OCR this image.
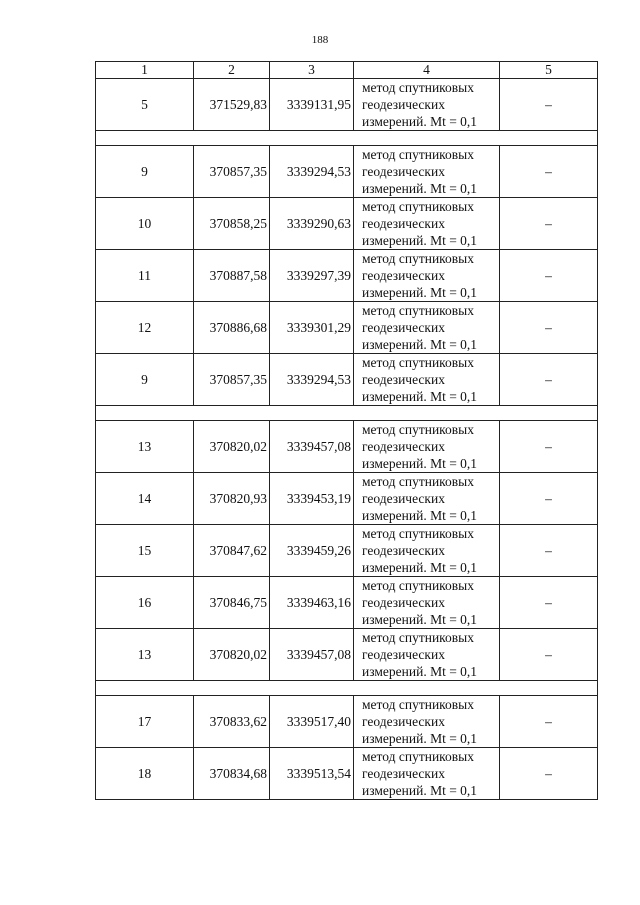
188
1	2	3	4	5
5	371529,83	3339131,95	метод спутниковых
геодезических
измерений. Mt = 0,1	–

9	370857,35	3339294,53	метод спутниковых
геодезических
измерений. Mt = 0,1	–
10	370858,25	3339290,63	метод спутниковых
геодезических
измерений. Mt = 0,1	–
11	370887,58	3339297,39	метод спутниковых
геодезических
измерений. Mt = 0,1	–
12	370886,68	3339301,29	метод спутниковых
геодезических
измерений. Mt = 0,1	–
9	370857,35	3339294,53	метод спутниковых
геодезических
измерений. Mt = 0,1	–

13	370820,02	3339457,08	метод спутниковых
геодезических
измерений. Mt = 0,1	–
14	370820,93	3339453,19	метод спутниковых
геодезических
измерений. Mt = 0,1	–
15	370847,62	3339459,26	метод спутниковых
геодезических
измерений. Mt = 0,1	–
16	370846,75	3339463,16	метод спутниковых
геодезических
измерений. Mt = 0,1	–
13	370820,02	3339457,08	метод спутниковых
геодезических
измерений. Mt = 0,1	–

17	370833,62	3339517,40	метод спутниковых
геодезических
измерений. Mt = 0,1	–
18	370834,68	3339513,54	метод спутниковых
геодезических
измерений. Mt = 0,1	–
